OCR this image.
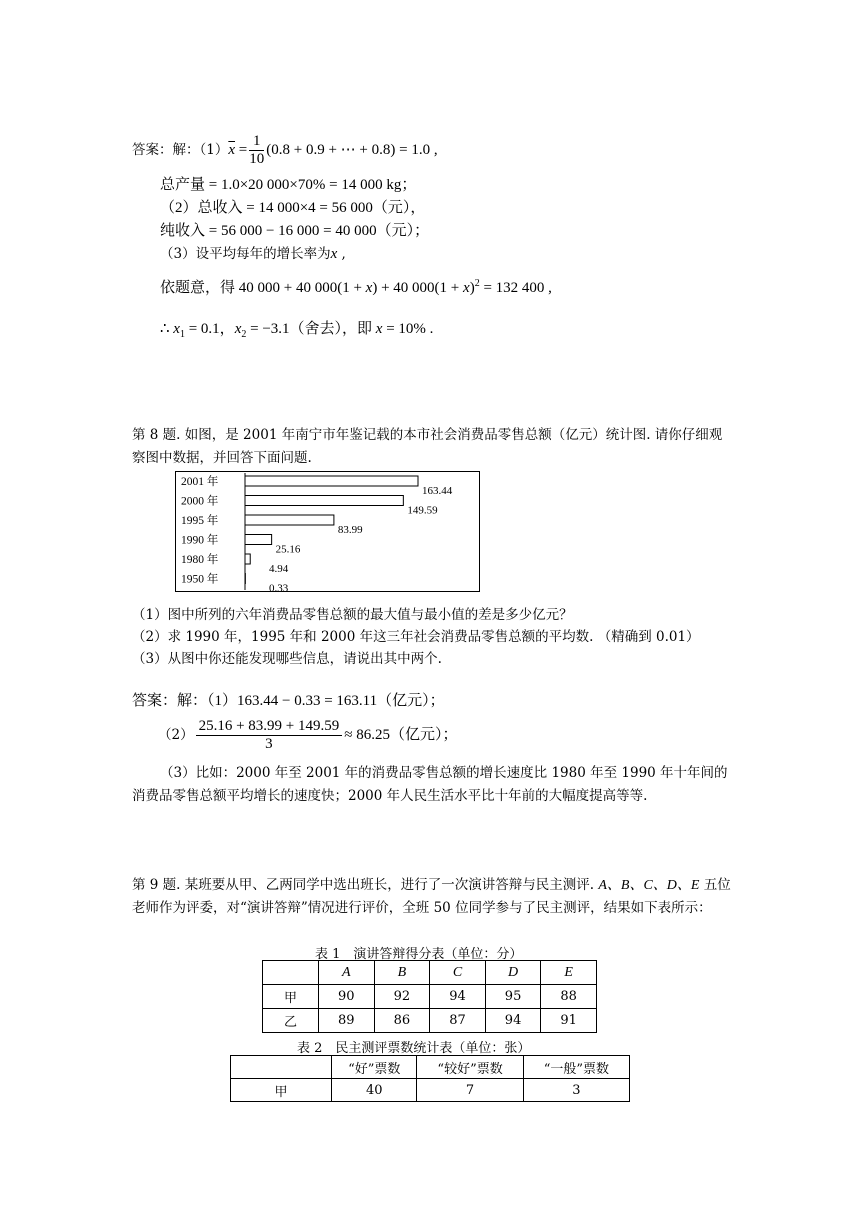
答案：解：$(1)\overline{x} = \frac{1}{10} (0.8 + 0.9$ + ⋯ + 0.8) = 1.0 ,
总产量 = 1.0×20 000×70% = 14 000 kg；
（2）总收入 = 14 000×4 = 56 000（元），
纯收入 = 56 000 − 16 000 = 40 000（元）；
（3）设平均每年的增长率为x ,
依题意，得 40 000 + 40 000(1 + x) + 40 $000(1 + x)^2 = 132$ 400 ,
∴ $x_1 = 0.1$，$x_2 = -3.1$（舍去），即 x = 10% .
第 8 题. 如图，是 2001 年南宁市年鉴记载的本市社会消费品零售总额（亿元）统计图. 请你仔细观察图中数据，并回答下面问题.
2001 年
163.44
2000 年
149.59
1995 年
83.99
1990 年
25.16
1980 年
4.94
1950 年
0.33
（1）图中所列的六年消费品零售总额的最大值与最小值的差是多少亿元？
（2）求 1990 年，1995 年和 2000 年这三年社会消费品零售总额的平均数. （精确到 0.01）
（3）从图中你还能发现哪些信息，请说出其中两个.
答案：解：（1）163.44 − 0.33 = 163.11（亿元）；
$(2) \frac{25.16 + 83.99 + 149.59}{3} \approx 86.25$（亿元）；
（3）比如：2000 年至 2001 年的消费品零售总额的增长速度比 1980 年至 1990 年十年间的消费品零售总额平均增长的速度快；2000 年人民生活水平比十年前的大幅度提高等等.
第 9 题. 某班要从甲、乙两同学中选出班长，进行了一次演讲答辩与民主测评. A、B、C、D、E 五位老师作为评委，对“演讲答辩”情况进行评价，全班 50 位同学参与了民主测评，结果如下表所示：
表 1　演讲答辩得分表（单位：分）
	A	B	C	D	E
甲	90	92	94	95	88
乙	89	86	87	94	91
表 2　民主测评票数统计表（单位：张）
	“好”票数	“较好”票数	“一般”票数
甲	40	7	3
